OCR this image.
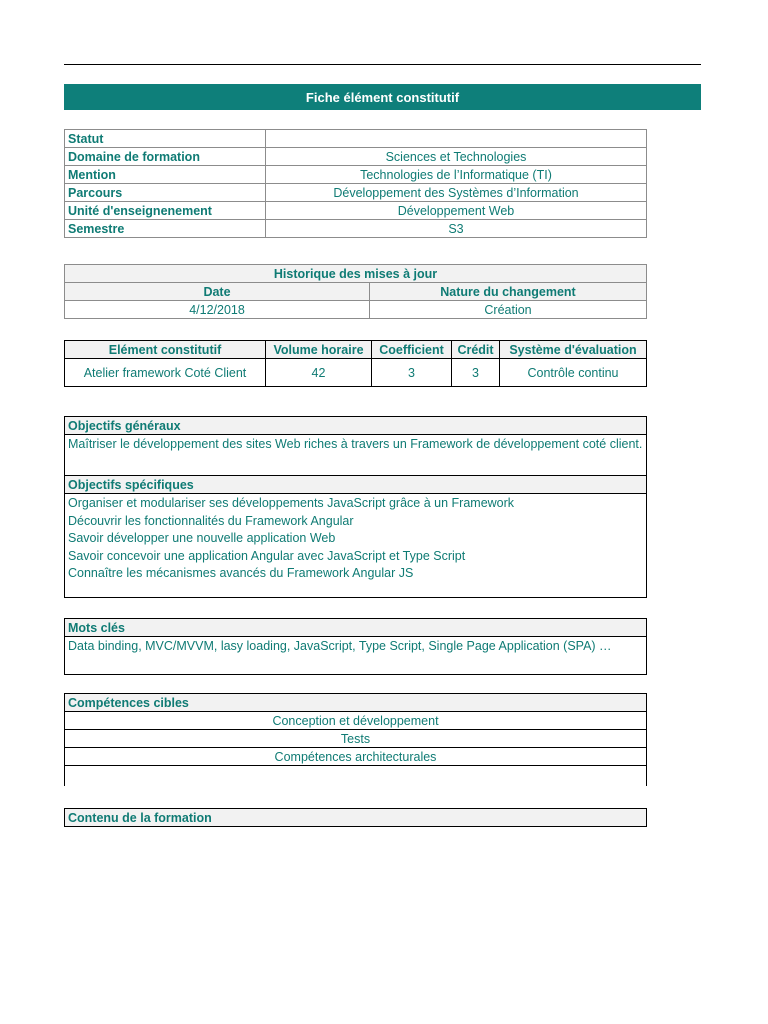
Fiche élément constitutif
Statut	
Domaine de formation	Sciences et Technologies
Mention	Technologies de l’Informatique (TI)
Parcours	Développement des Systèmes d’Information
Unité d'enseignenement	Développement Web
Semestre	S3
Historique des mises à jour	
Date	Nature du changement
4/12/2018	Création
Elément constitutif	Volume horaire	Coefficient	Crédit	Système d'évaluation
Atelier framework Coté Client	42	3	3	Contrôle continu
Objectifs généraux
Maîtriser le développement des sites Web riches à travers un Framework de développement coté client.
Objectifs spécifiques

Organiser et modulariser ses développements JavaScript grâce à un Framework
Découvrir les fonctionnalités du Framework Angular
Savoir développer une nouvelle application Web
Savoir concevoir une application Angular avec JavaScript et Type Script
Connaître les mécanismes avancés du Framework Angular JS
Mots clés
Data binding, MVC/MVVM, lasy loading, JavaScript, Type Script, Single Page Application (SPA) …
Compétences cibles
Conception et développement
Tests
Compétences architecturales

Contenu de la formation
